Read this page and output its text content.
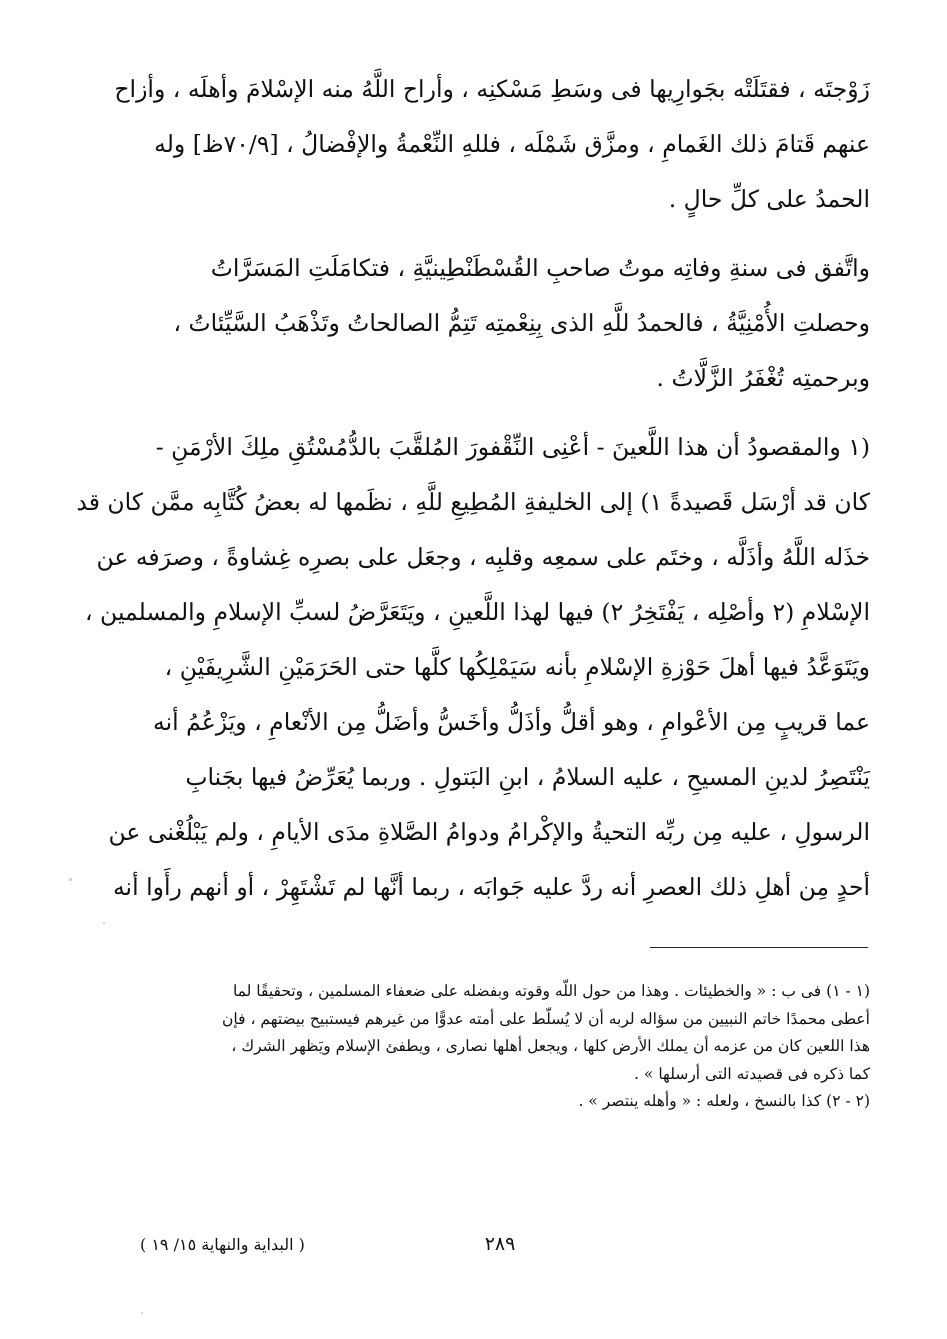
زَوْجتَه ، فقتَلَتْه بجَوارِيها فى وسَطِ مَسْكنِه ، وأراح اللَّهُ منه الإسْلامَ وأهلَه ، وأزاح
عنهم قَتامَ ذلك الغَمامِ ، ومزَّق شَمْلَه ، فللهِ النِّعْمةُ والإفْضالُ ، [٧٠/٩ظ] وله
الحمدُ على كلِّ حالٍ .
واتَّفق فى سنةِ وفاتِه موتُ صاحبِ القُسْطَنْطِينيَّةِ ، فتكامَلَتِ المَسَرَّاتُ
وحصلتِ الأُمْنِيَّةُ ، فالحمدُ للَّهِ الذى بِنِعْمتِه تَتِمُّ الصالحاتُ وتَذْهَبُ السَّيِّئاتُ ،
وبرحمتِه تُغْفَرُ الزَّلَّاتُ .
(١ والمقصودُ أن هذا اللَّعينَ - أعْنِى النِّقْفورَ المُلقَّبَ بالدُّمُسْتُقِ ملِكَ الأرْمَنِ -
كان قد أرْسَل قَصيدةً ١) إلى الخليفةِ المُطِيعِ للَّهِ ، نظَمها له بعضُ كُتَّابِه ممَّن كان قد
خذَله اللَّهُ وأذَلَّه ، وختَم على سمعِه وقلبِه ، وجعَل على بصرِه غِشاوةً ، وصرَفه عن
الإسْلامِ (٢ وأصْلِه ، يَفْتَخِرُ ٢) فيها لهذا اللَّعينِ ، ويَتَعَرَّضُ لسبِّ الإسلامِ والمسلمين ،
ويَتَوَعَّدُ فيها أهلَ حَوْزةِ الإسْلامِ بأنه سَيَمْلِكُها كلَّها حتى الحَرَمَيْنِ الشَّرِيفَيْنِ ،
عما قريبٍ مِن الأعْوامِ ، وهو أقلُّ وأذَلُّ وأخَسُّ وأضَلُّ مِن الأنْعامِ ، ويَزْعُمُ أنه
يَنْتَصِرُ لدينِ المسيحِ ، عليه السلامُ ، ابنِ البَتولِ . وربما يُعَرِّضُ فيها بجَنابِ
الرسولِ ، عليه مِن ربِّه التحيةُ والإكْرامُ ودوامُ الصَّلاةِ مدَى الأيامِ ، ولم يَبْلُغْنى عن
أحدٍ مِن أهلِ ذلك العصرِ أنه ردَّ عليه جَوابَه ، ربما أنَّها لم تَشْتَهِرْ ، أو أنهم رأَوا أنه
(١ - ١) فى ب : « والخطيئات . وهذا من حول اللّه وقوته وبفضله على ضعفاء المسلمين ، وتحقيقًا لما
أعطى محمدًا خاتم النبيين من سؤاله لربه أن لا يُسلّط على أمته عدوًّا من غيرهم فيستبيح بيضتهم ، فإن
هذا اللعين كان من عزمه أن يملك الأرض كلها ، ويجعل أهلها نصارى ، ويطفئ الإسلام ويَظهر الشرك ،
كما ذكره فى قصيدته التى أرسلها » .
(٢ - ٢) كذا بالنسخ ، ولعله : « وأهله ينتصر » .
٢٨٩
( البداية والنهاية ١٥/ ١٩ )
